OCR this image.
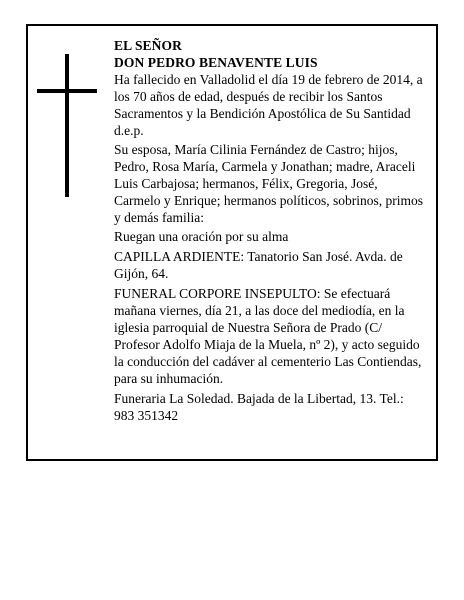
EL SEÑOR

DON PEDRO BENAVENTE LUIS

Ha fallecido en Valladolid el día 19 de febrero de 2014, a los 70 años de edad, después de recibir los Santos Sacramentos y la Bendición Apostólica de Su Santidad d.e.p.

Su esposa, María Cilinia Fernández de Castro; hijos, Pedro, Rosa María, Carmela y Jonathan; madre, Araceli Luis Carbajosa; hermanos, Félix, Gregoria, José, Carmelo y Enrique; hermanos políticos, sobrinos, primos y demás familia:

Ruegan una oración por su alma

CAPILLA ARDIENTE: Tanatorio San José. Avda. de Gijón, 64.

FUNERAL CORPORE INSEPULTO: Se efectuará mañana viernes, día 21, a las doce del mediodía, en la iglesia parroquial de Nuestra Señora de Prado (C/ Profesor Adolfo Miaja de la Muela, nº 2), y acto seguido la conducción del cadáver al cementerio Las Contiendas, para su inhumación.

Funeraria La Soledad. Bajada de la Libertad, 13. Tel.: 983 351342
